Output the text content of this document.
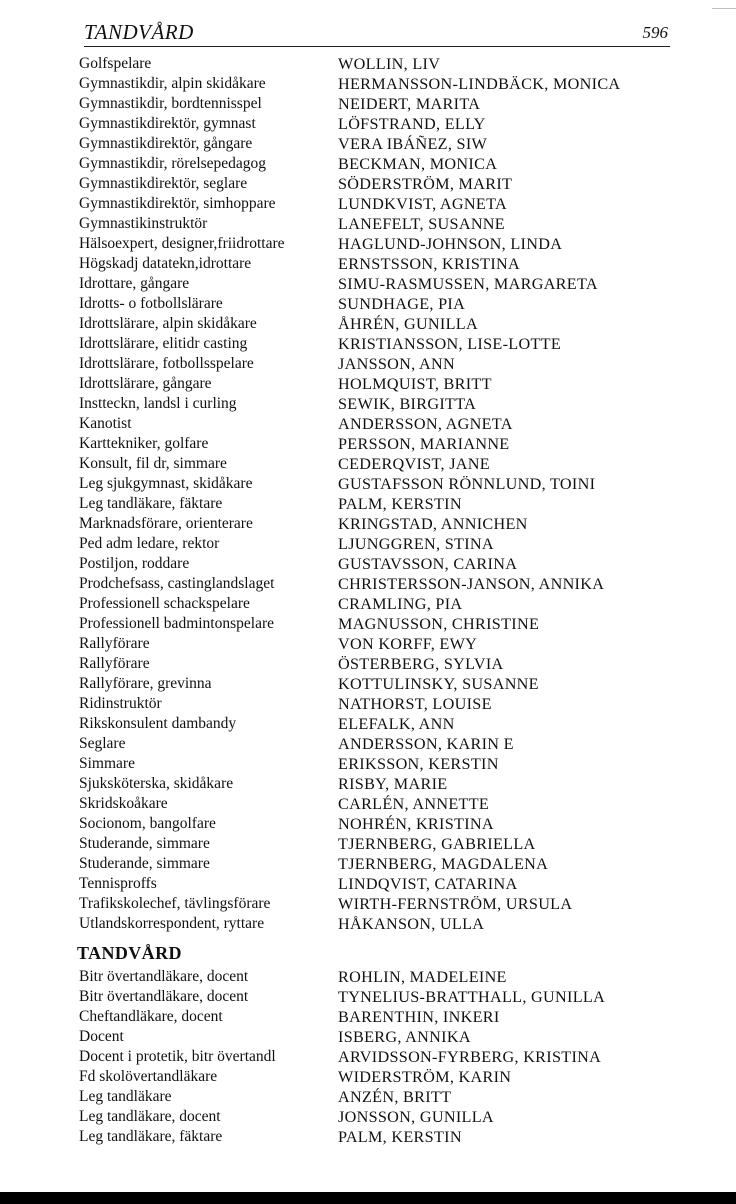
TANDVÅRD	596
Golfspelare	WOLLIN, LIV
Gymnastikdir, alpin skidåkare	HERMANSSON-LINDBÄCK, MONICA
Gymnastikdir, bordtennisspel	NEIDERT, MARITA
Gymnastikdirektör, gymnast	LÖFSTRAND, ELLY
Gymnastikdirektör, gångare	VERA IBÁÑEZ, SIW
Gymnastikdir, rörelsepedagog	BECKMAN, MONICA
Gymnastikdirektör, seglare	SÖDERSTRÖM, MARIT
Gymnastikdirektör, simhoppare	LUNDKVIST, AGNETA
Gymnastikinstruktör	LANEFELT, SUSANNE
Hälsoexpert, designer,friidrottare	HAGLUND-JOHNSON, LINDA
Högskadj datatekn,idrottare	ERNSTSSON, KRISTINA
Idrottare, gångare	SIMU-RASMUSSEN, MARGARETA
Idrotts- o fotbollslärare	SUNDHAGE, PIA
Idrottslärare, alpin skidåkare	ÅHRÉN, GUNILLA
Idrottslärare, elitidr casting	KRISTIANSSON, LISE-LOTTE
Idrottslärare, fotbollsspelare	JANSSON, ANN
Idrottslärare, gångare	HOLMQUIST, BRITT
Instteckn, landsl i curling	SEWIK, BIRGITTA
Kanotist	ANDERSSON, AGNETA
Karttekniker, golfare	PERSSON, MARIANNE
Konsult, fil dr, simmare	CEDERQVIST, JANE
Leg sjukgymnast, skidåkare	GUSTAFSSON RÖNNLUND, TOINI
Leg tandläkare, fäktare	PALM, KERSTIN
Marknadsförare, orienterare	KRINGSTAD, ANNICHEN
Ped adm ledare, rektor	LJUNGGREN, STINA
Postiljon, roddare	GUSTAVSSON, CARINA
Prodchefsass, castinglandslaget	CHRISTERSSON-JANSON, ANNIKA
Professionell schackspelare	CRAMLING, PIA
Professionell badmintonspelare	MAGNUSSON, CHRISTINE
Rallyförare	VON KORFF, EWY
Rallyförare	ÖSTERBERG, SYLVIA
Rallyförare, grevinna	KOTTULINSKY, SUSANNE
Ridinstruktör	NATHORST, LOUISE
Rikskonsulent dambandy	ELEFALK, ANN
Seglare	ANDERSSON, KARIN E
Simmare	ERIKSSON, KERSTIN
Sjuksköterska, skidåkare	RISBY, MARIE
Skridskoåkare	CARLÉN, ANNETTE
Socionom, bangolfare	NOHRÉN, KRISTINA
Studerande, simmare	TJERNBERG, GABRIELLA
Studerande, simmare	TJERNBERG, MAGDALENA
Tennisproffs	LINDQVIST, CATARINA
Trafikskolechef, tävlingsförare	WIRTH-FERNSTRÖM, URSULA
Utlandskorrespondent, ryttare	HÅKANSON, ULLA
TANDVÅRD
Bitr övertandläkare, docent	ROHLIN, MADELEINE
Bitr övertandläkare, docent	TYNELIUS-BRATTHALL, GUNILLA
Cheftandläkare, docent	BARENTHIN, INKERI
Docent	ISBERG, ANNIKA
Docent i protetik, bitr övertandl	ARVIDSSON-FYRBERG, KRISTINA
Fd skolövertandläkare	WIDERSTRÖM, KARIN
Leg tandläkare	ANZÉN, BRITT
Leg tandläkare, docent	JONSSON, GUNILLA
Leg tandläkare, fäktare	PALM, KERSTIN
